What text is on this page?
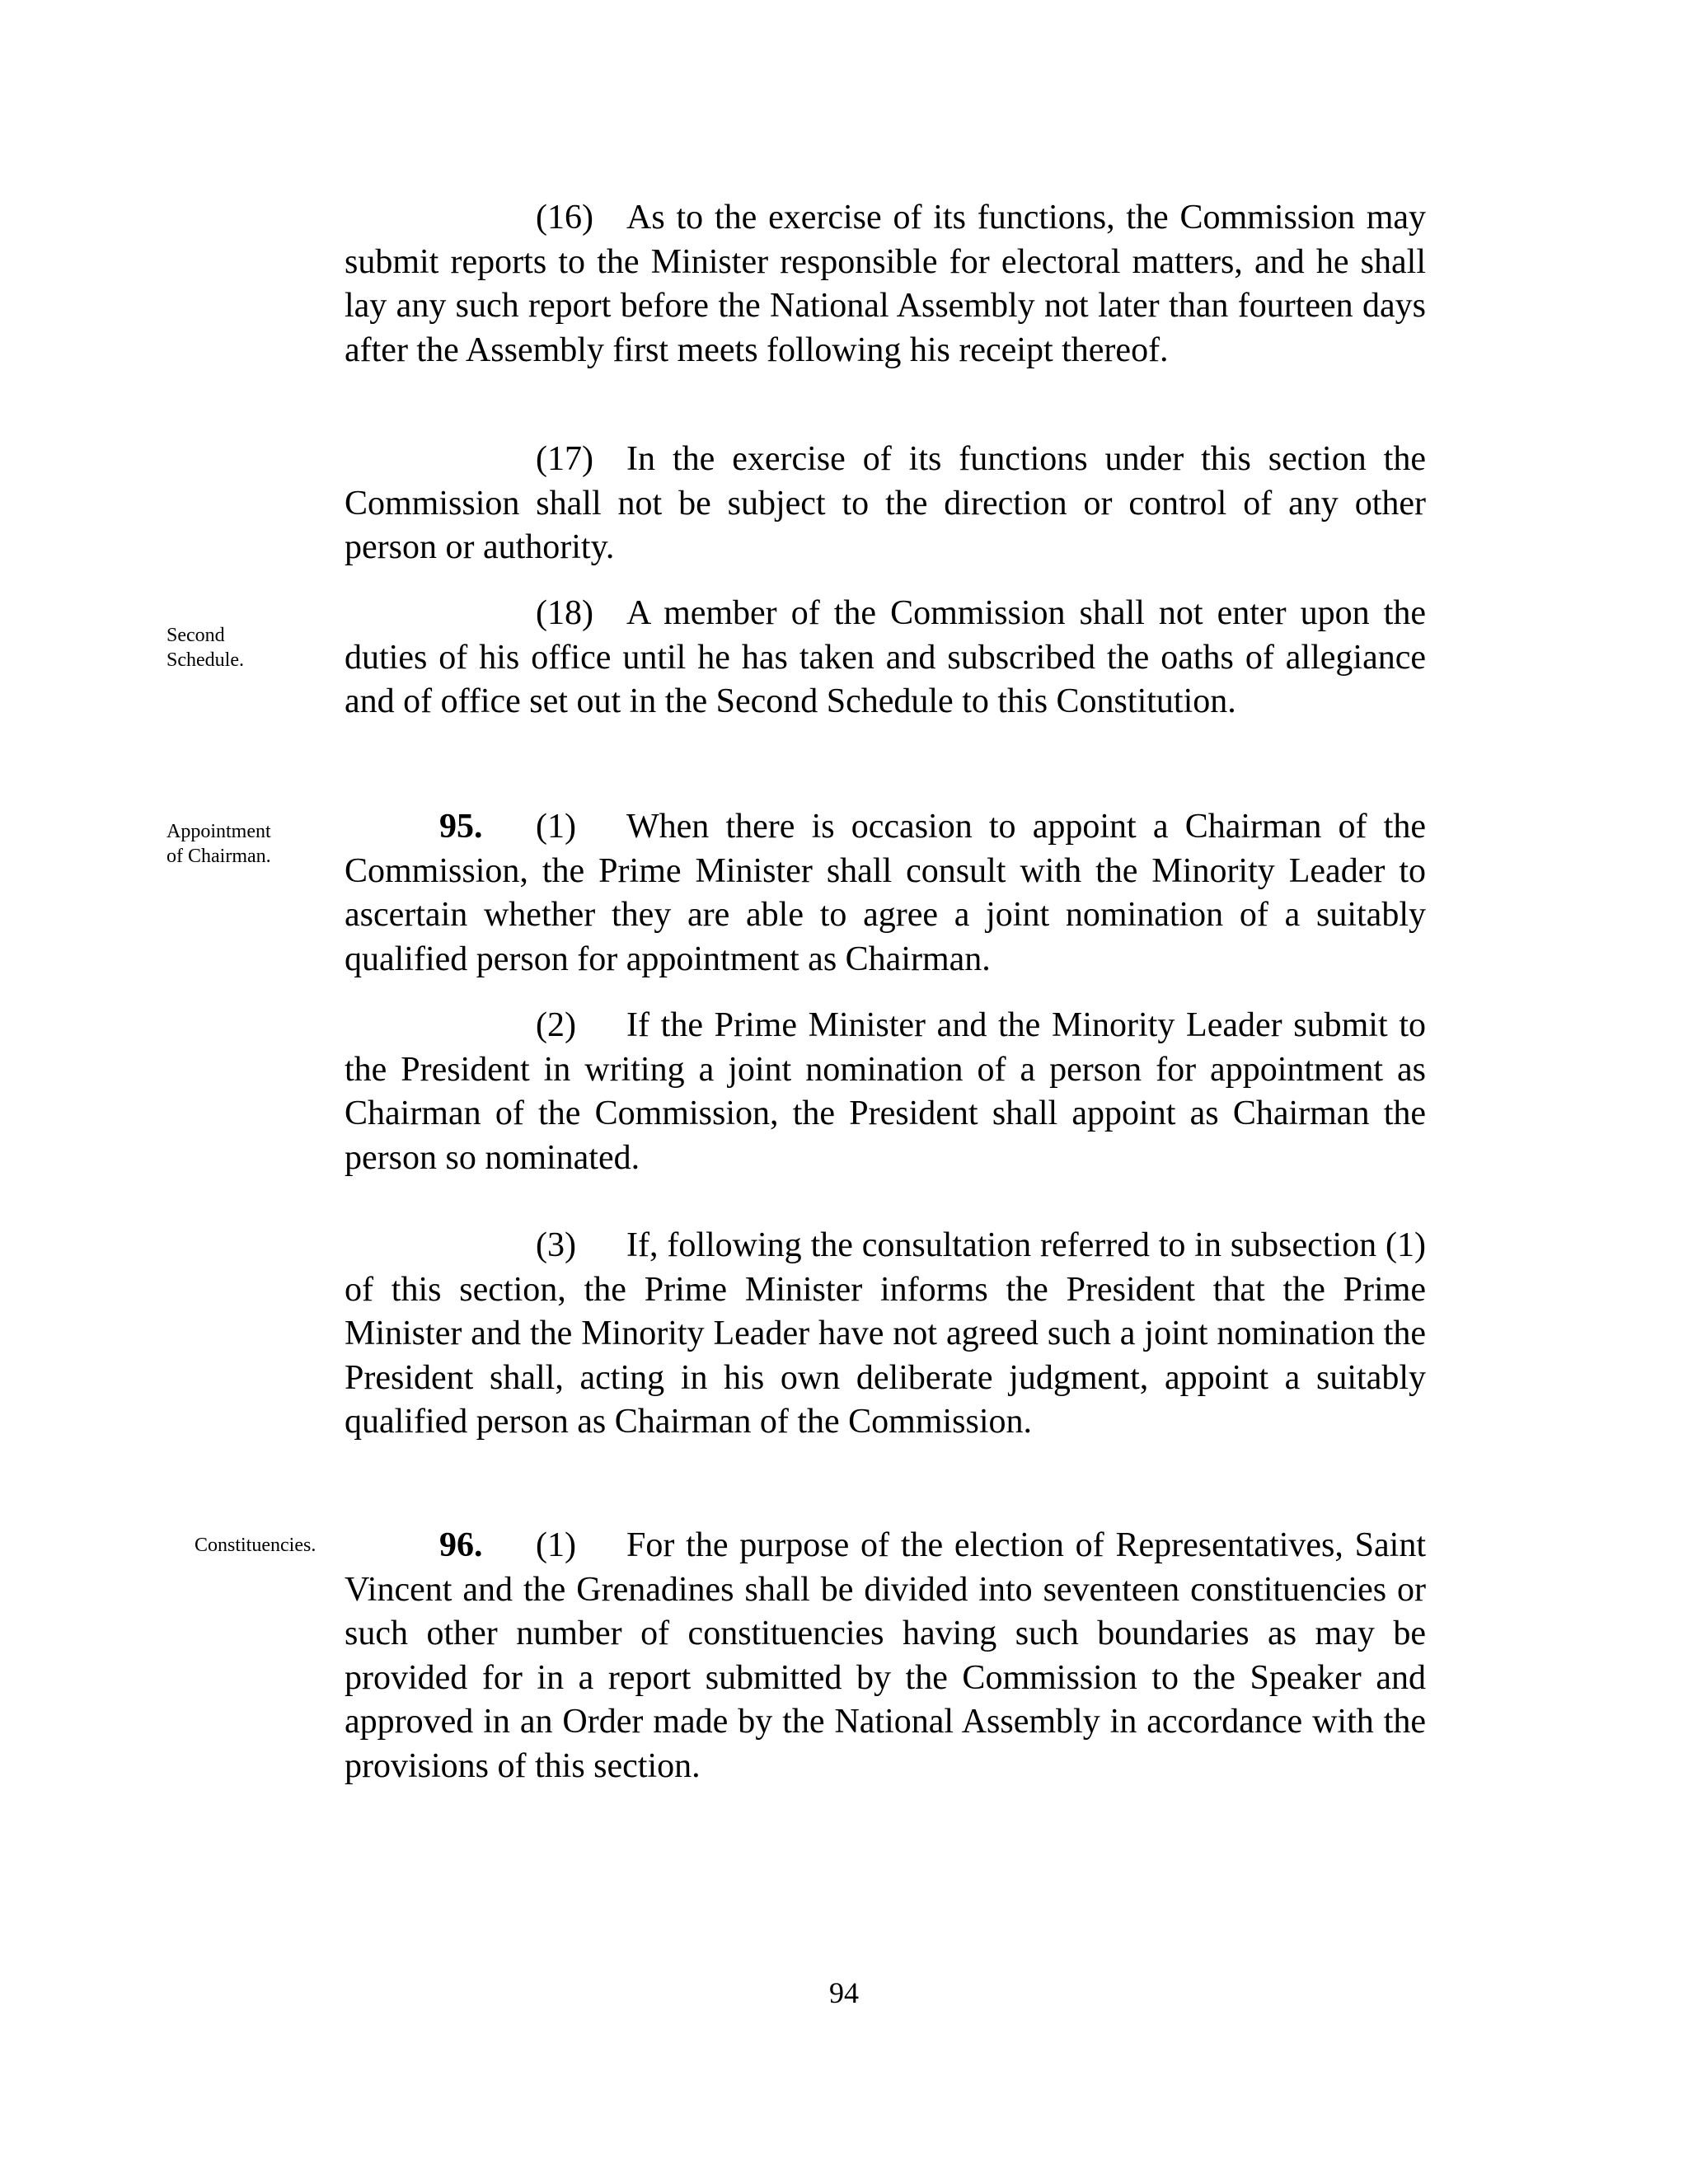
(16) As to the exercise of its functions, the Commission may submit reports to the Minister responsible for electoral matters, and he shall lay any such report before the National Assembly not later than fourteen days after the Assembly first meets following his receipt thereof.
(17) In the exercise of its functions under this section the Commission shall not be subject to the direction or control of any other person or authority.
Second
Schedule.
(18) A member of the Commission shall not enter upon the duties of his office until he has taken and subscribed the oaths of allegiance and of office set out in the Second Schedule to this Constitution.
Appointment
of Chairman.
95. (1) When there is occasion to appoint a Chairman of the Commission, the Prime Minister shall consult with the Minority Leader to ascertain whether they are able to agree a joint nomination of a suitably qualified person for appointment as Chairman.
(2) If the Prime Minister and the Minority Leader submit to the President in writing a joint nomination of a person for appointment as Chairman of the Commission, the President shall appoint as Chairman the person so nominated.
(3) If, following the consultation referred to in subsection (1) of this section, the Prime Minister informs the President that the Prime Minister and the Minority Leader have not agreed such a joint nomination the President shall, acting in his own deliberate judgment, appoint a suitably qualified person as Chairman of the Commission.
Constituencies.	96. (1) For the purpose of the election of Representatives, Saint Vincent and the Grenadines shall be divided into seventeen constituencies or such other number of constituencies having such boundaries as may be provided for in a report submitted by the Commission to the Speaker and approved in an Order made by the National Assembly in accordance with the provisions of this section.
94
